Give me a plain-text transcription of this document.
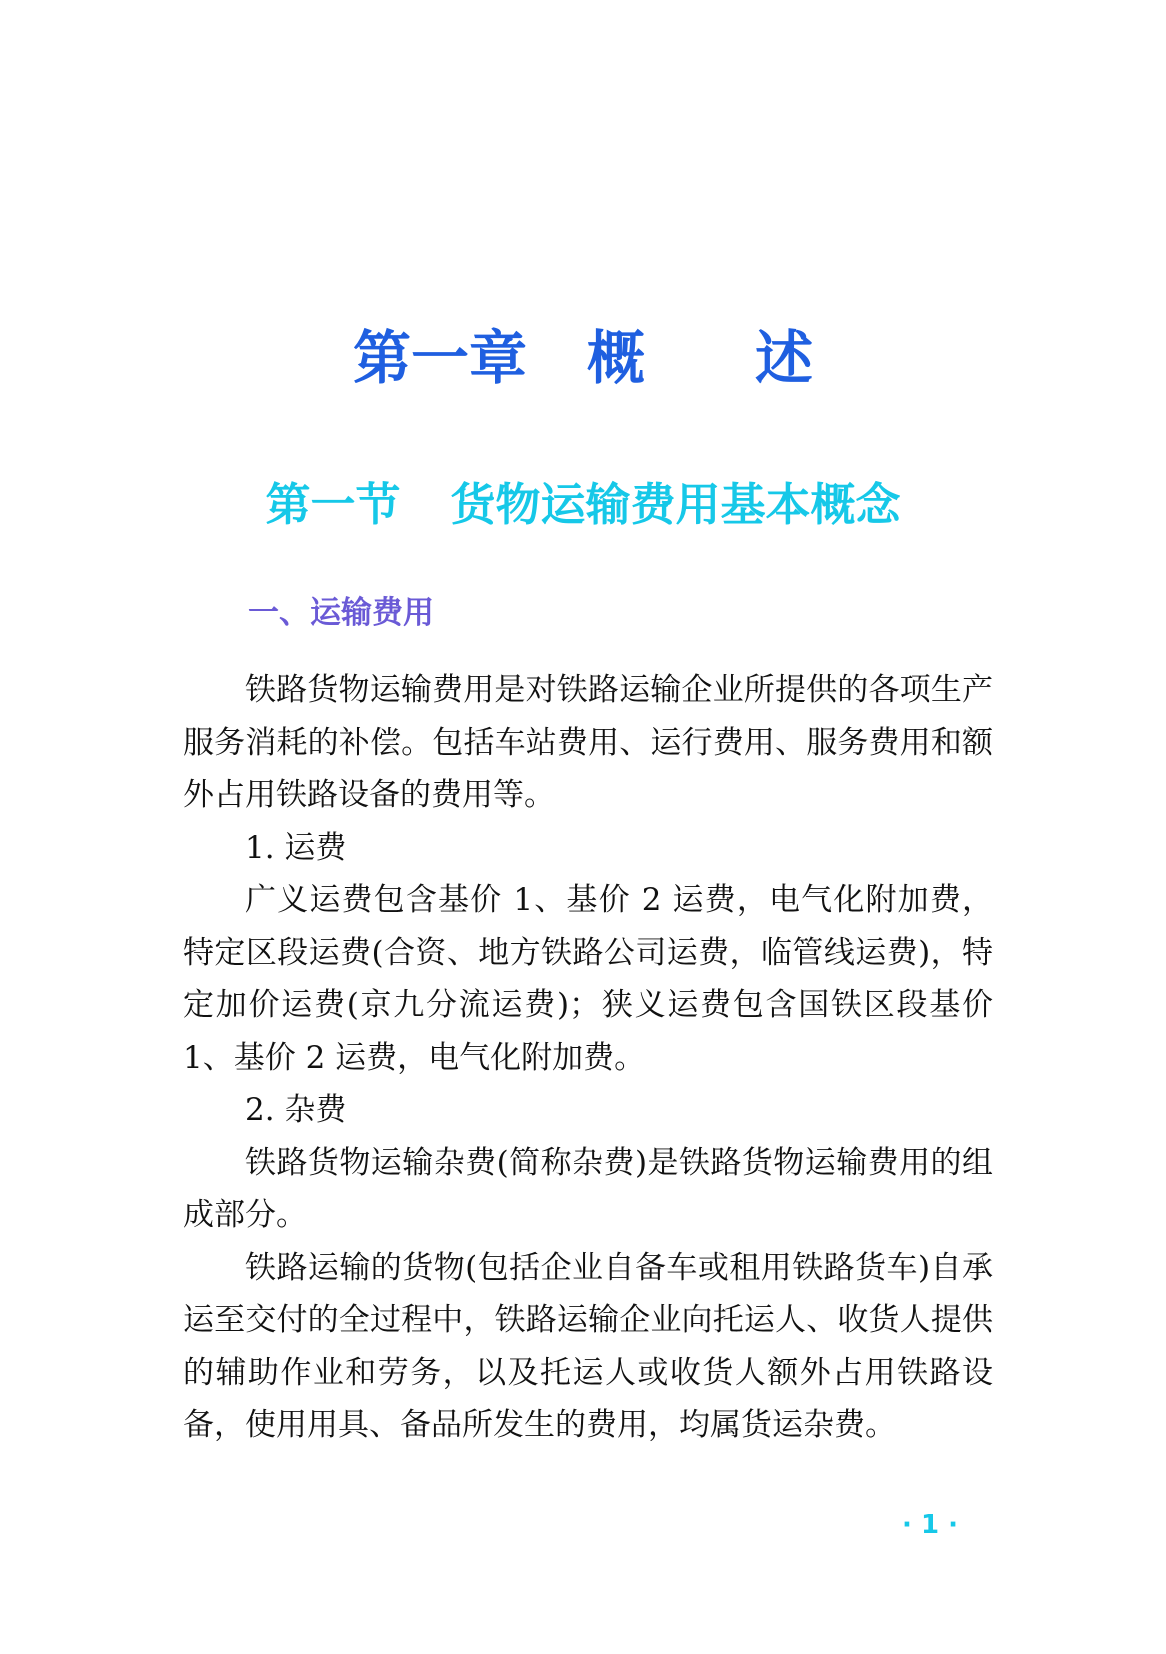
第一章 概 述
第一节 货物运输费用基本概念
一、运输费用

铁路货物运输费用是对铁路运输企业所提供的各项生产服务消耗的补偿。包括车站费用、运行费用、服务费用和额外占用铁路设备的费用等。

1. 运费

广义运费包含基价 1、基价 2 运费，电气化附加费，特定区段运费(合资、地方铁路公司运费，临管线运费)，特定加价运费(京九分流运费)；狭义运费包含国铁区段基价 1、基价 2 运费，电气化附加费。

2. 杂费

铁路货物运输杂费(简称杂费)是铁路货物运输费用的组成部分。

铁路运输的货物(包括企业自备车或租用铁路货车)自承运至交付的全过程中，铁路运输企业向托运人、收货人提供的辅助作业和劳务，以及托运人或收货人额外占用铁路设备，使用用具、备品所发生的费用，均属货运杂费。

· 1 ·
